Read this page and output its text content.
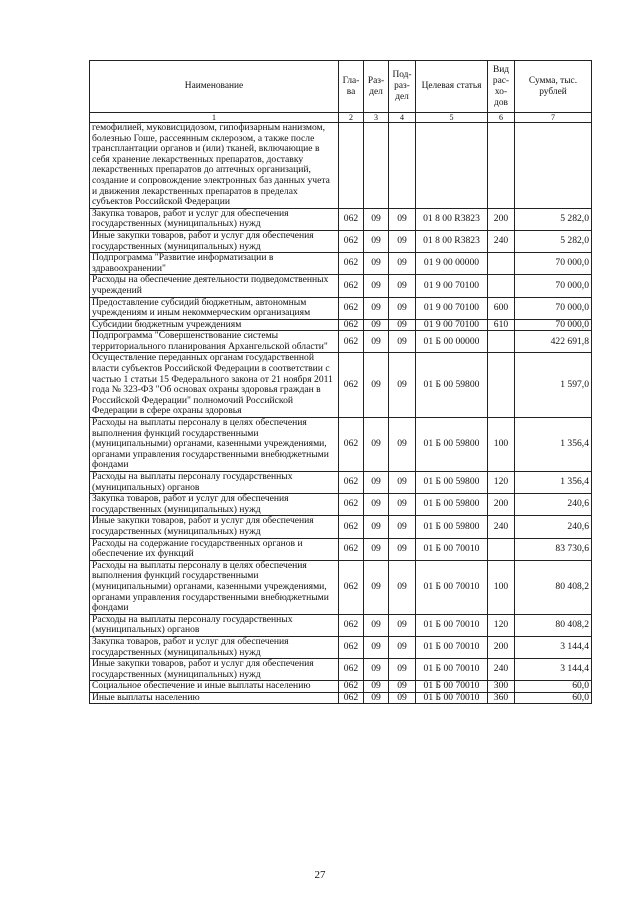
Наименование	Гла-ва	Раз-дел	Под-раз-дел	Целевая статья	Вид рас-хо-дов	Сумма, тыс. рублей
1	2	3	4	5	6	7
гемофилией, муковисцидозом, гипофизарным нанизмом, болезнью Гоше, рассеянным склерозом, а также после трансплантации органов и (или) тканей, включающие в себя хранение лекарственных препаратов, доставку лекарственных препаратов до аптечных организаций, создание и сопровождение электронных баз данных учета и движения лекарственных препаратов в пределах субъектов Российской Федерации						
Закупка товаров, работ и услуг для обеспечения государственных (муниципальных) нужд	062	09	09	01 8 00 R3823	200	5 282,0
Иные закупки товаров, работ и услуг для обеспечения государственных (муниципальных) нужд	062	09	09	01 8 00 R3823	240	5 282,0
Подпрограмма "Развитие информатизации в здравоохранении"	062	09	09	01 9 00 00000		70 000,0
Расходы на обеспечение деятельности подведомственных учреждений	062	09	09	01 9 00 70100		70 000,0
Предоставление субсидий бюджетным, автономным учреждениям и иным некоммерческим организациям	062	09	09	01 9 00 70100	600	70 000,0
Субсидии бюджетным учреждениям	062	09	09	01 9 00 70100	610	70 000,0
Подпрограмма "Совершенствование системы территориального планирования Архангельской области"	062	09	09	01 Б 00 00000		422 691,8
Осуществление переданных органам государственной власти субъектов Российской Федерации в соответствии с частью 1 статьи 15 Федерального закона от 21 ноября 2011 года № 323-ФЗ "Об основах охраны здоровья граждан в Российской Федерации" полномочий Российской Федерации в сфере охраны здоровья	062	09	09	01 Б 00 59800		1 597,0
Расходы на выплаты персоналу в целях обеспечения выполнения функций государственными (муниципальными) органами, казенными учреждениями, органами управления государственными внебюджетными фондами	062	09	09	01 Б 00 59800	100	1 356,4
Расходы на выплаты персоналу государственных (муниципальных) органов	062	09	09	01 Б 00 59800	120	1 356,4
Закупка товаров, работ и услуг для обеспечения государственных (муниципальных) нужд	062	09	09	01 Б 00 59800	200	240,6
Иные закупки товаров, работ и услуг для обеспечения государственных (муниципальных) нужд	062	09	09	01 Б 00 59800	240	240,6
Расходы на содержание государственных органов и обеспечение их функций	062	09	09	01 Б 00 70010		83 730,6
Расходы на выплаты персоналу в целях обеспечения выполнения функций государственными (муниципальными) органами, казенными учреждениями, органами управления государственными внебюджетными фондами	062	09	09	01 Б 00 70010	100	80 408,2
Расходы на выплаты персоналу государственных (муниципальных) органов	062	09	09	01 Б 00 70010	120	80 408,2
Закупка товаров, работ и услуг для обеспечения государственных (муниципальных) нужд	062	09	09	01 Б 00 70010	200	3 144,4
Иные закупки товаров, работ и услуг для обеспечения государственных (муниципальных) нужд	062	09	09	01 Б 00 70010	240	3 144,4
Социальное обеспечение и иные выплаты населению	062	09	09	01 Б 00 70010	300	60,0
Иные выплаты населению	062	09	09	01 Б 00 70010	360	60,0
27
